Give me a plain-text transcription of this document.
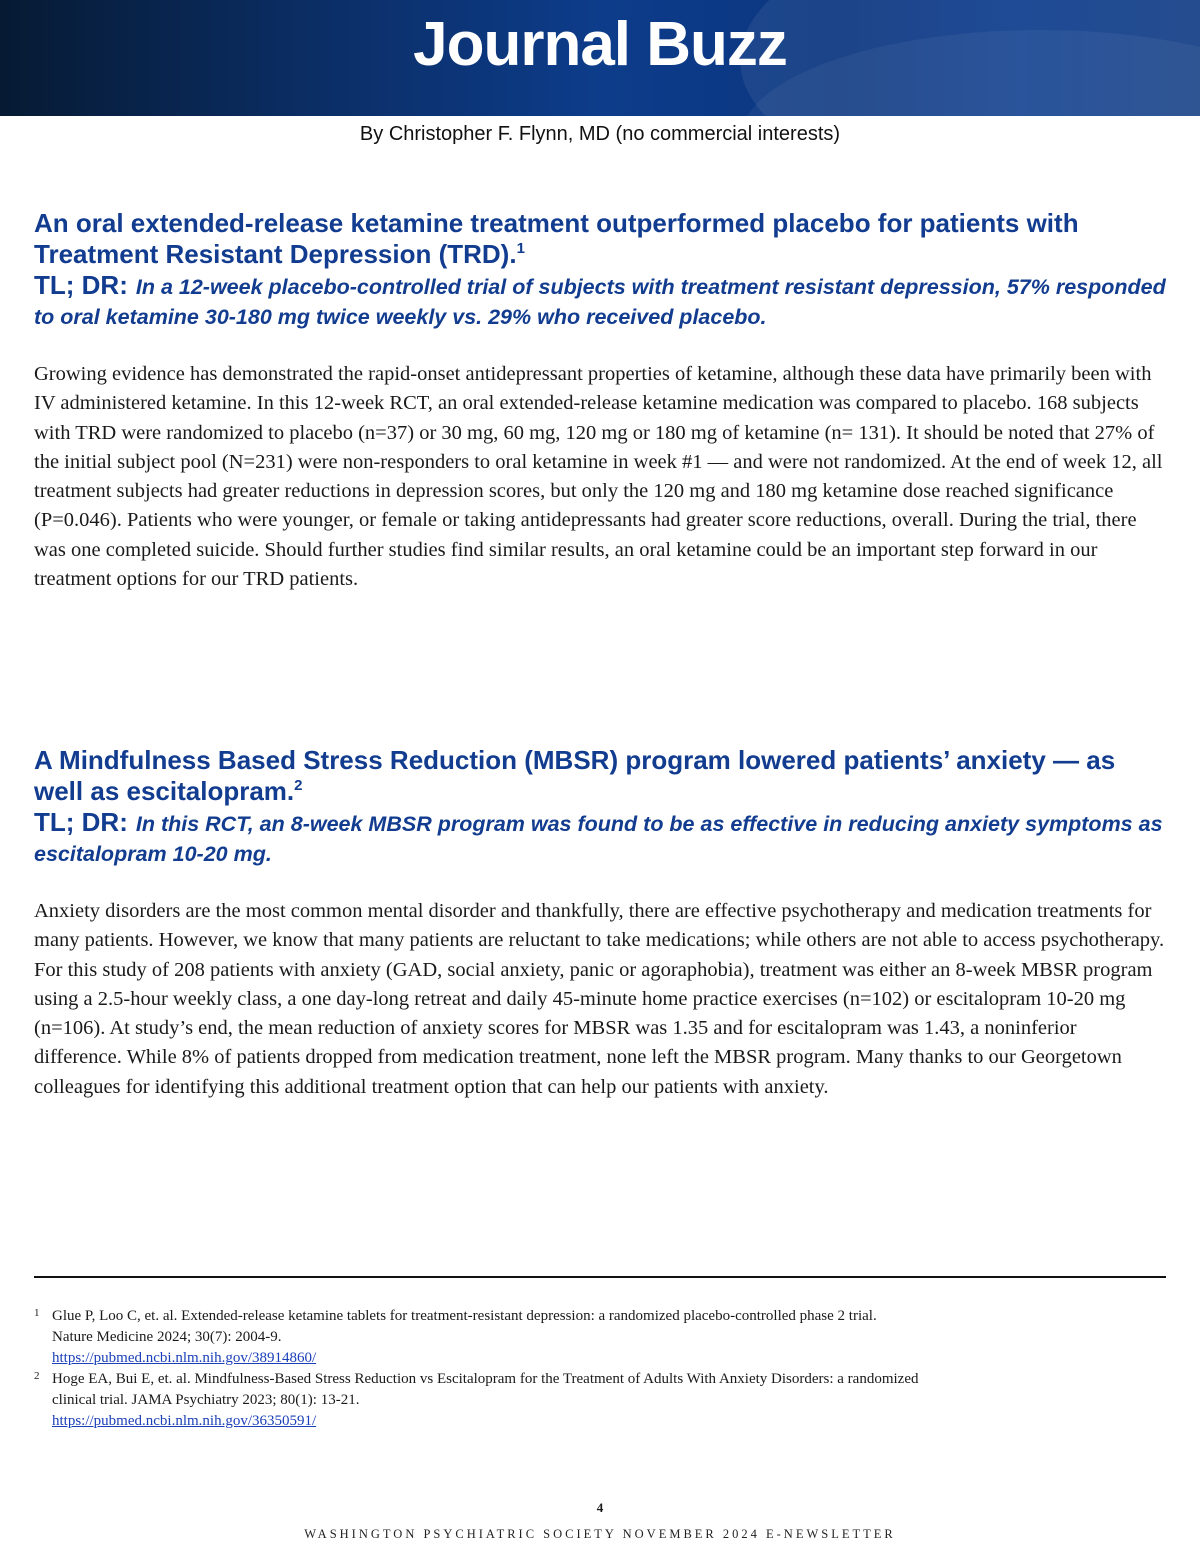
Journal Buzz
By Christopher F. Flynn, MD (no commercial interests)
An oral extended-release ketamine treatment outperformed placebo for patients with Treatment Resistant Depression (TRD).$^1$

TL; DR: In a 12-week placebo-controlled trial of subjects with treatment resistant depression, 57% responded to oral ketamine 30-180 mg twice weekly vs. 29% who received placebo.

Growing evidence has demonstrated the rapid-onset antidepressant properties of ketamine, although these data have primarily been with IV administered ketamine. In this 12-week RCT, an oral extended-release ketamine medication was compared to placebo. 168 subjects with TRD were randomized to placebo (n=37) or 30 mg, 60 mg, 120 mg or 180 mg of ketamine (n= 131). It should be noted that 27% of the initial subject pool (N=231) were non-responders to oral ketamine in week #1 — and were not randomized. At the end of week 12, all treatment subjects had greater reductions in depression scores, but only the 120 mg and 180 mg ketamine dose reached significance (P=0.046). Patients who were younger, or female or taking antidepressants had greater score reductions, overall. During the trial, there was one completed suicide. Should further studies find similar results, an oral ketamine could be an important step forward in our treatment options for our TRD patients.

A Mindfulness Based Stress Reduction (MBSR) program lowered patients’ anxiety — as well as escitalopram.$^2$

TL; DR: In this RCT, an 8-week MBSR program was found to be as effective in reducing anxiety symptoms as escitalopram 10-20 mg.

Anxiety disorders are the most common mental disorder and thankfully, there are effective psychotherapy and medication treatments for many patients. However, we know that many patients are reluctant to take medications; while others are not able to access psychotherapy. For this study of 208 patients with anxiety (GAD, social anxiety, panic or agoraphobia), treatment was either an 8-week MBSR program using a 2.5-hour weekly class, a one day-long retreat and daily 45-minute home practice exercises (n=102) or escitalopram 10-20 mg (n=106). At study’s end, the mean reduction of anxiety scores for MBSR was 1.35 and for escitalopram was 1.43, a noninferior difference. While 8% of patients dropped from medication treatment, none left the MBSR program. Many thanks to our Georgetown colleagues for identifying this additional treatment option that can help our patients with anxiety.

1 Glue P, Loo C, et. al. Extended-release ketamine tablets for treatment-resistant depression: a randomized placebo-controlled phase 2 trial.
Nature Medicine 2024; 30(7): 2004-9.
https://pubmed.ncbi.nlm.nih.gov/38914860/
2 Hoge EA, Bui E, et. al. Mindfulness-Based Stress Reduction vs Escitalopram for the Treatment of Adults With Anxiety Disorders: a randomized
clinical trial. JAMA Psychiatry 2023; 80(1): 13-21.
https://pubmed.ncbi.nlm.nih.gov/36350591/
4
WASHINGTON PSYCHIATRIC SOCIETY NOVEMBER 2024 E-NEWSLETTER
